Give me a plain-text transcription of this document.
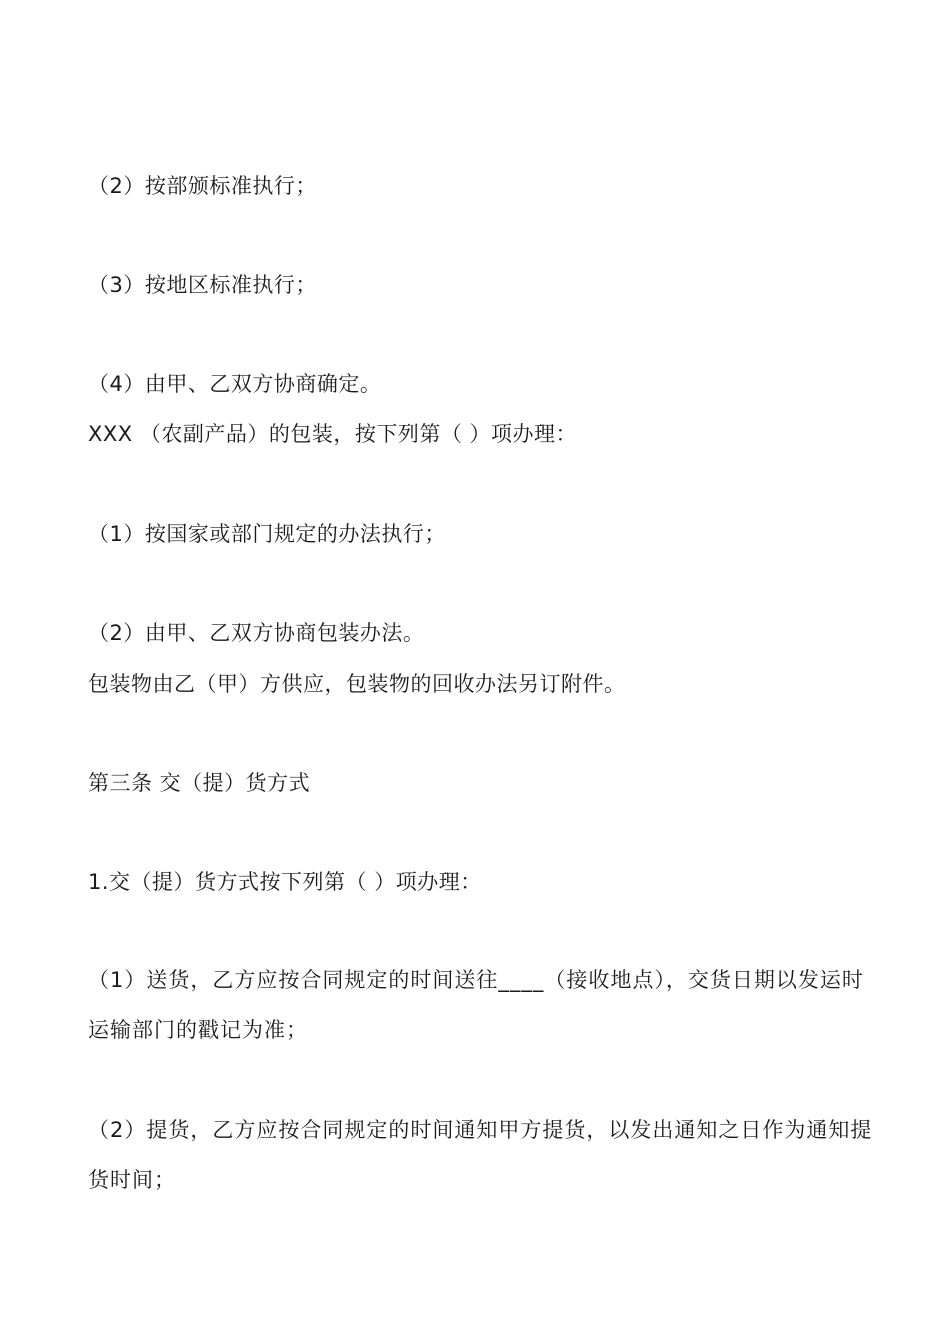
（2）按部颁标准执行；
（3）按地区标准执行；
（4）由甲、乙双方协商确定。
XXX （农副产品）的包装，按下列第（ ）项办理：
（1）按国家或部门规定的办法执行；
（2）由甲、乙双方协商包装办法。
包装物由乙（甲）方供应，包装物的回收办法另订附件。
第三条 交（提）货方式
1.交（提）货方式按下列第（ ）项办理：
（1）送货，乙方应按合同规定的时间送往____（接收地点），交货日期以发运时运输部门的戳记为准；
（2）提货，乙方应按合同规定的时间通知甲方提货，以发出通知之日作为通知提货时间；
